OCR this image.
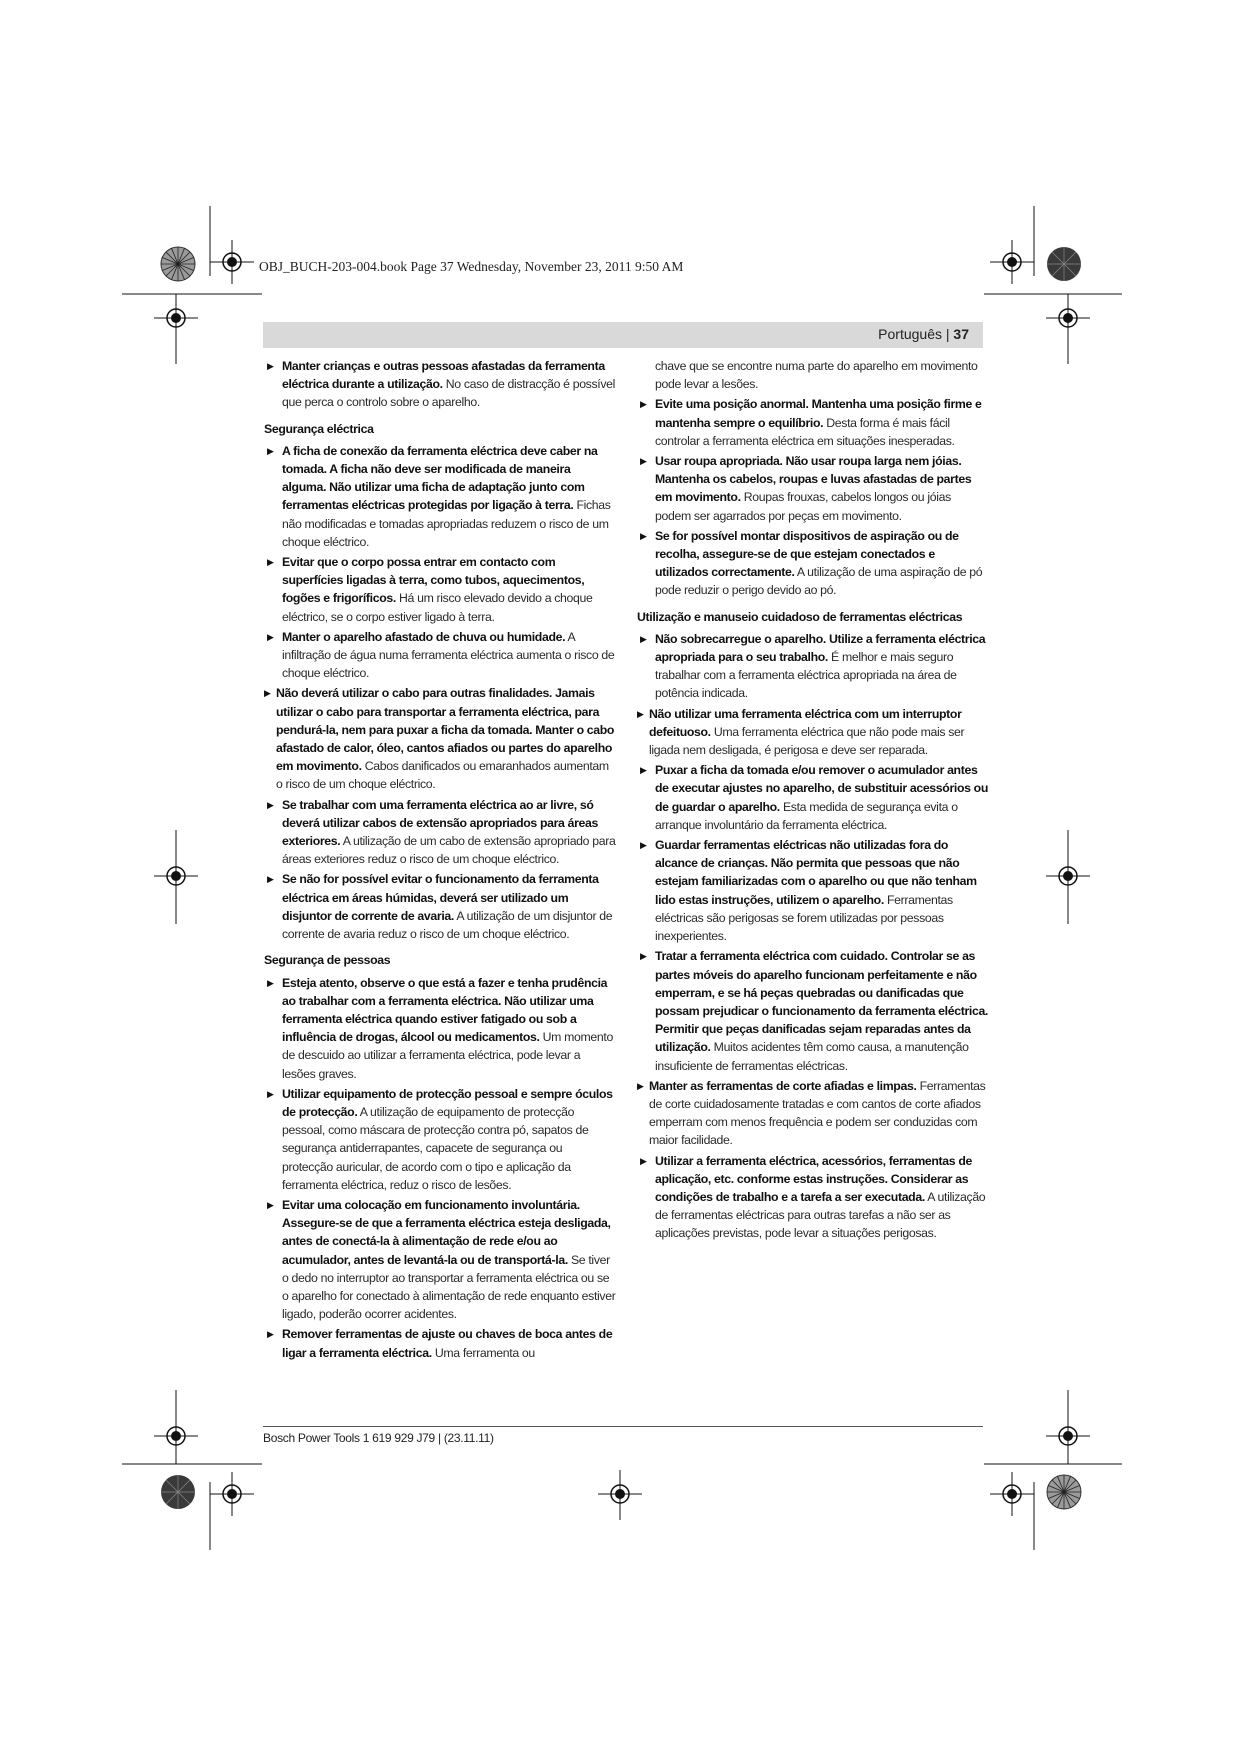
OBJ_BUCH-203-004.book Page 37 Wednesday, November 23, 2011 9:50 AM
Português | 37
▶ Manter crianças e outras pessoas afastadas da ferramenta eléctrica durante a utilização. No caso de distracção é possível que perca o controlo sobre o aparelho.
Segurança eléctrica
▶ A ficha de conexão da ferramenta eléctrica deve caber na tomada. A ficha não deve ser modificada de maneira alguma. Não utilizar uma ficha de adaptação junto com ferramentas eléctricas protegidas por ligação à terra. Fichas não modificadas e tomadas apropriadas reduzem o risco de um choque eléctrico.
▶ Evitar que o corpo possa entrar em contacto com superfícies ligadas à terra, como tubos, aquecimentos, fogões e frigoríficos. Há um risco elevado devido a choque eléctrico, se o corpo estiver ligado à terra.
▶ Manter o aparelho afastado de chuva ou humidade. A infiltração de água numa ferramenta eléctrica aumenta o risco de choque eléctrico.
▶ Não deverá utilizar o cabo para outras finalidades. Jamais utilizar o cabo para transportar a ferramenta eléctrica, para pendurá-la, nem para puxar a ficha da tomada. Manter o cabo afastado de calor, óleo, cantos afiados ou partes do aparelho em movimento. Cabos danificados ou emaranhados aumentam o risco de um choque eléctrico.
▶ Se trabalhar com uma ferramenta eléctrica ao ar livre, só deverá utilizar cabos de extensão apropriados para áreas exteriores. A utilização de um cabo de extensão apropriado para áreas exteriores reduz o risco de um choque eléctrico.
▶ Se não for possível evitar o funcionamento da ferramenta eléctrica em áreas húmidas, deverá ser utilizado um disjuntor de corrente de avaria. A utilização de um disjuntor de corrente de avaria reduz o risco de um choque eléctrico.
Segurança de pessoas
▶ Esteja atento, observe o que está a fazer e tenha prudência ao trabalhar com a ferramenta eléctrica. Não utilizar uma ferramenta eléctrica quando estiver fatigado ou sob a influência de drogas, álcool ou medicamentos. Um momento de descuido ao utilizar a ferramenta eléctrica, pode levar a lesões graves.
▶ Utilizar equipamento de protecção pessoal e sempre óculos de protecção. A utilização de equipamento de protecção pessoal, como máscara de protecção contra pó, sapatos de segurança antiderrapantes, capacete de segurança ou protecção auricular, de acordo com o tipo e aplicação da ferramenta eléctrica, reduz o risco de lesões.
▶ Evitar uma colocação em funcionamento involuntária. Assegure-se de que a ferramenta eléctrica esteja desligada, antes de conectá-la à alimentação de rede e/ou ao acumulador, antes de levantá-la ou de transportá-la. Se tiver o dedo no interruptor ao transportar a ferramenta eléctrica ou se o aparelho for conectado à alimentação de rede enquanto estiver ligado, poderão ocorrer acidentes.
▶ Remover ferramentas de ajuste ou chaves de boca antes de ligar a ferramenta eléctrica. Uma ferramenta ou
chave que se encontre numa parte do aparelho em movimento pode levar a lesões.
▶ Evite uma posição anormal. Mantenha uma posição firme e mantenha sempre o equilíbrio. Desta forma é mais fácil controlar a ferramenta eléctrica em situações inesperadas.
▶ Usar roupa apropriada. Não usar roupa larga nem jóias. Mantenha os cabelos, roupas e luvas afastadas de partes em movimento. Roupas frouxas, cabelos longos ou jóias podem ser agarrados por peças em movimento.
▶ Se for possível montar dispositivos de aspiração ou de recolha, assegure-se de que estejam conectados e utilizados correctamente. A utilização de uma aspiração de pó pode reduzir o perigo devido ao pó.
Utilização e manuseio cuidadoso de ferramentas eléctricas
▶ Não sobrecarregue o aparelho. Utilize a ferramenta eléctrica apropriada para o seu trabalho. É melhor e mais seguro trabalhar com a ferramenta eléctrica apropriada na área de potência indicada.
▶ Não utilizar uma ferramenta eléctrica com um interruptor defeituoso. Uma ferramenta eléctrica que não pode mais ser ligada nem desligada, é perigosa e deve ser reparada.
▶ Puxar a ficha da tomada e/ou remover o acumulador antes de executar ajustes no aparelho, de substituir acessórios ou de guardar o aparelho. Esta medida de segurança evita o arranque involuntário da ferramenta eléctrica.
▶ Guardar ferramentas eléctricas não utilizadas fora do alcance de crianças. Não permita que pessoas que não estejam familiarizadas com o aparelho ou que não tenham lido estas instruções, utilizem o aparelho. Ferramentas eléctricas são perigosas se forem utilizadas por pessoas inexperientes.
▶ Tratar a ferramenta eléctrica com cuidado. Controlar se as partes móveis do aparelho funcionam perfeitamente e não emperram, e se há peças quebradas ou danificadas que possam prejudicar o funcionamento da ferramenta eléctrica. Permitir que peças danificadas sejam reparadas antes da utilização. Muitos acidentes têm como causa, a manutenção insuficiente de ferramentas eléctricas.
▶ Manter as ferramentas de corte afiadas e limpas. Ferramentas de corte cuidadosamente tratadas e com cantos de corte afiados emperram com menos frequência e podem ser conduzidas com maior facilidade.
▶ Utilizar a ferramenta eléctrica, acessórios, ferramentas de aplicação, etc. conforme estas instruções. Considerar as condições de trabalho e a tarefa a ser executada. A utilização de ferramentas eléctricas para outras tarefas a não ser as aplicações previstas, pode levar a situações perigosas.
Bosch Power Tools 1 619 929 J79 | (23.11.11)
